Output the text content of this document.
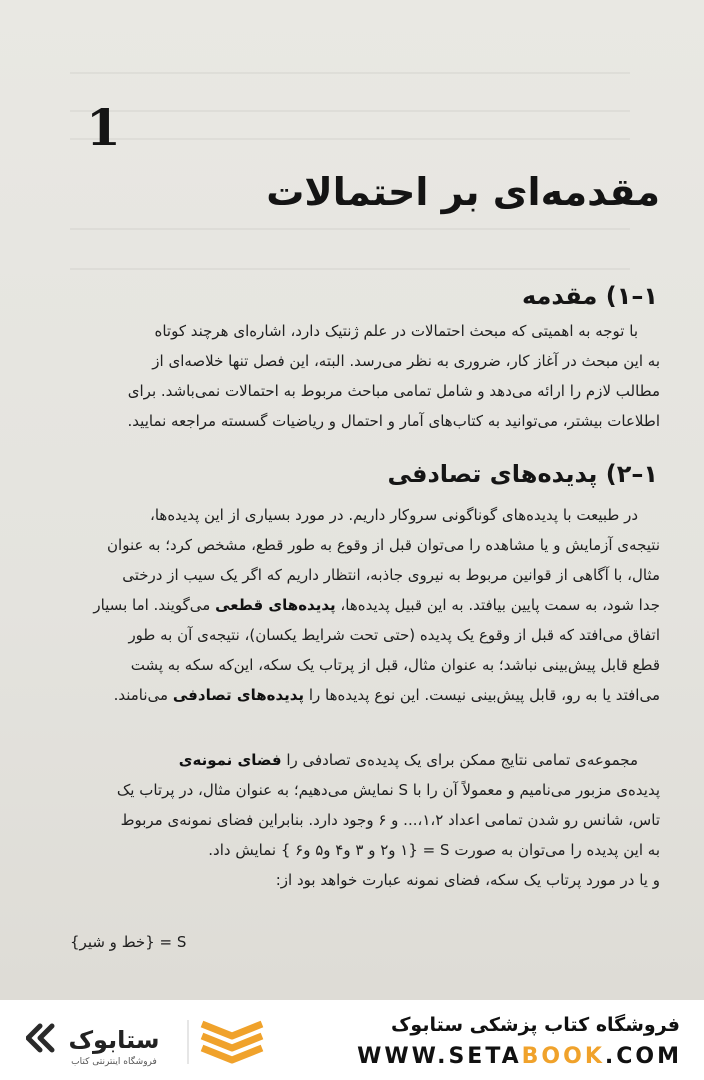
1
مقدمه‌ای بر احتمالات
۱–۱) مقدمه
با توجه به اهمیتی که مبحث احتمالات در علم ژنتیک دارد، اشاره‌ای هرچند کوتاه
به این مبحث در آغاز کار، ضروری به نظر می‌رسد. البته، این فصل تنها خلاصه‌ای از
مطالب لازم را ارائه می‌دهد و شامل تمامی مباحث مربوط به احتمالات نمی‌باشد. برای
اطلاعات بیشتر، می‌توانید به کتاب‌های آمار و احتمال و ریاضیات گسسته مراجعه نمایید.
۱–۲) پدیده‌های تصادفی
در طبیعت با پدیده‌های گوناگونی سروکار داریم. در مورد بسیاری از این پدیده‌ها،
نتیجه‌ی آزمایش و یا مشاهده را می‌توان قبل از وقوع به طور قطع، مشخص کرد؛ به عنوان
مثال، با آگاهی از قوانین مربوط به نیروی جاذبه، انتظار داریم که اگر یک سیب از درختی
جدا شود، به سمت پایین بیافتد. به این قبیل پدیده‌ها، پدیده‌های قطعی می‌گویند. اما بسیار
اتفاق می‌افتد که قبل از وقوع یک پدیده (حتی تحت شرایط یکسان)، نتیجه‌ی آن به طور
قطع قابل پیش‌بینی نباشد؛ به عنوان مثال، قبل از پرتاب یک سکه، این‌که سکه به پشت
می‌افتد یا به رو، قابل پیش‌بینی نیست. این نوع پدیده‌ها را پدیده‌های تصادفی می‌نامند.
مجموعه‌ی تمامی نتایج ممکن برای یک پدیده‌ی تصادفی را فضای نمونه‌ی
پدیده‌ی مزبور می‌نامیم و معمولاً آن را با S نمایش می‌دهیم؛ به عنوان مثال، در پرتاب یک
تاس، شانس رو شدن تمامی اعداد ۱،۲،... و ۶ وجود دارد. بنابراین فضای نمونه‌ی مربوط
به این پدیده را می‌توان به صورت S = {۱ و۲ و ۳ و۴ و۵ و۶ } نمایش داد.
و یا در مورد پرتاب یک سکه، فضای نمونه عبارت خواهد بود از:
S = {خط و شیر}
ستابوک
فروشگاه اینترنتی کتاب
فروشگاه کتاب پزشکی ستابوک
WWW.SETABOOK.COM
